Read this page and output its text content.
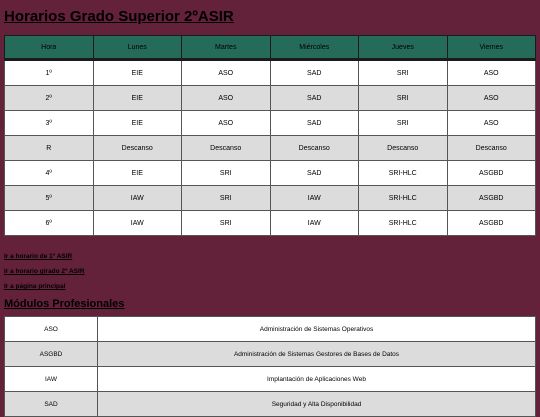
Horarios Grado Superior 2ºASIR
Hora	Lunes	Martes	Miércoles	Jueves	Viernes
1º	EIE	ASO	SAD	SRI	ASO
2º	EIE	ASO	SAD	SRI	ASO
3º	EIE	ASO	SAD	SRI	ASO
R	Descanso	Descanso	Descanso	Descanso	Descanso
4º	EIE	SRI	SAD	SRI-HLC	ASGBD
5º	IAW	SRI	IAW	SRI-HLC	ASGBD
6º	IAW	SRI	IAW	SRI-HLC	ASGBD
Ir a horario de 1º ASIR
Ir a horario girado 2º ASIR
Ir a página principal
Módulos Profesionales
ASO	Administración de Sistemas Operativos
ASGBD	Administración de Sistemas Gestores de Bases de Datos
IAW	Implantación de Aplicaciones Web
SAD	Seguridad y Alta Disponibilidad
